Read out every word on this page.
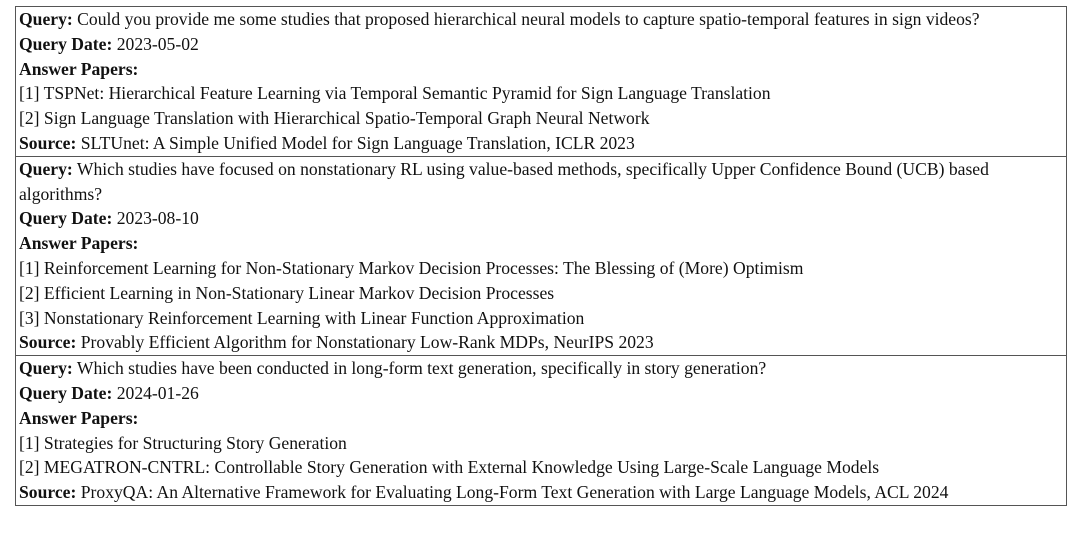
Query: Could you provide me some studies that proposed hierarchical neural models to capture spatio-temporal features in sign videos?
Query Date: 2023-05-02
Answer Papers:
[1] TSPNet: Hierarchical Feature Learning via Temporal Semantic Pyramid for Sign Language Translation
[2] Sign Language Translation with Hierarchical Spatio-Temporal Graph Neural Network
Source: SLTUnet: A Simple Unified Model for Sign Language Translation, ICLR 2023
Query: Which studies have focused on nonstationary RL using value-based methods, specifically Upper Confidence Bound (UCB) based algorithms?
Query Date: 2023-08-10
Answer Papers:
[1] Reinforcement Learning for Non-Stationary Markov Decision Processes: The Blessing of (More) Optimism
[2] Efficient Learning in Non-Stationary Linear Markov Decision Processes
[3] Nonstationary Reinforcement Learning with Linear Function Approximation
Source: Provably Efficient Algorithm for Nonstationary Low-Rank MDPs, NeurIPS 2023
Query: Which studies have been conducted in long-form text generation, specifically in story generation?
Query Date: 2024-01-26
Answer Papers:
[1] Strategies for Structuring Story Generation
[2] MEGATRON-CNTRL: Controllable Story Generation with External Knowledge Using Large-Scale Language Models
Source: ProxyQA: An Alternative Framework for Evaluating Long-Form Text Generation with Large Language Models, ACL 2024
